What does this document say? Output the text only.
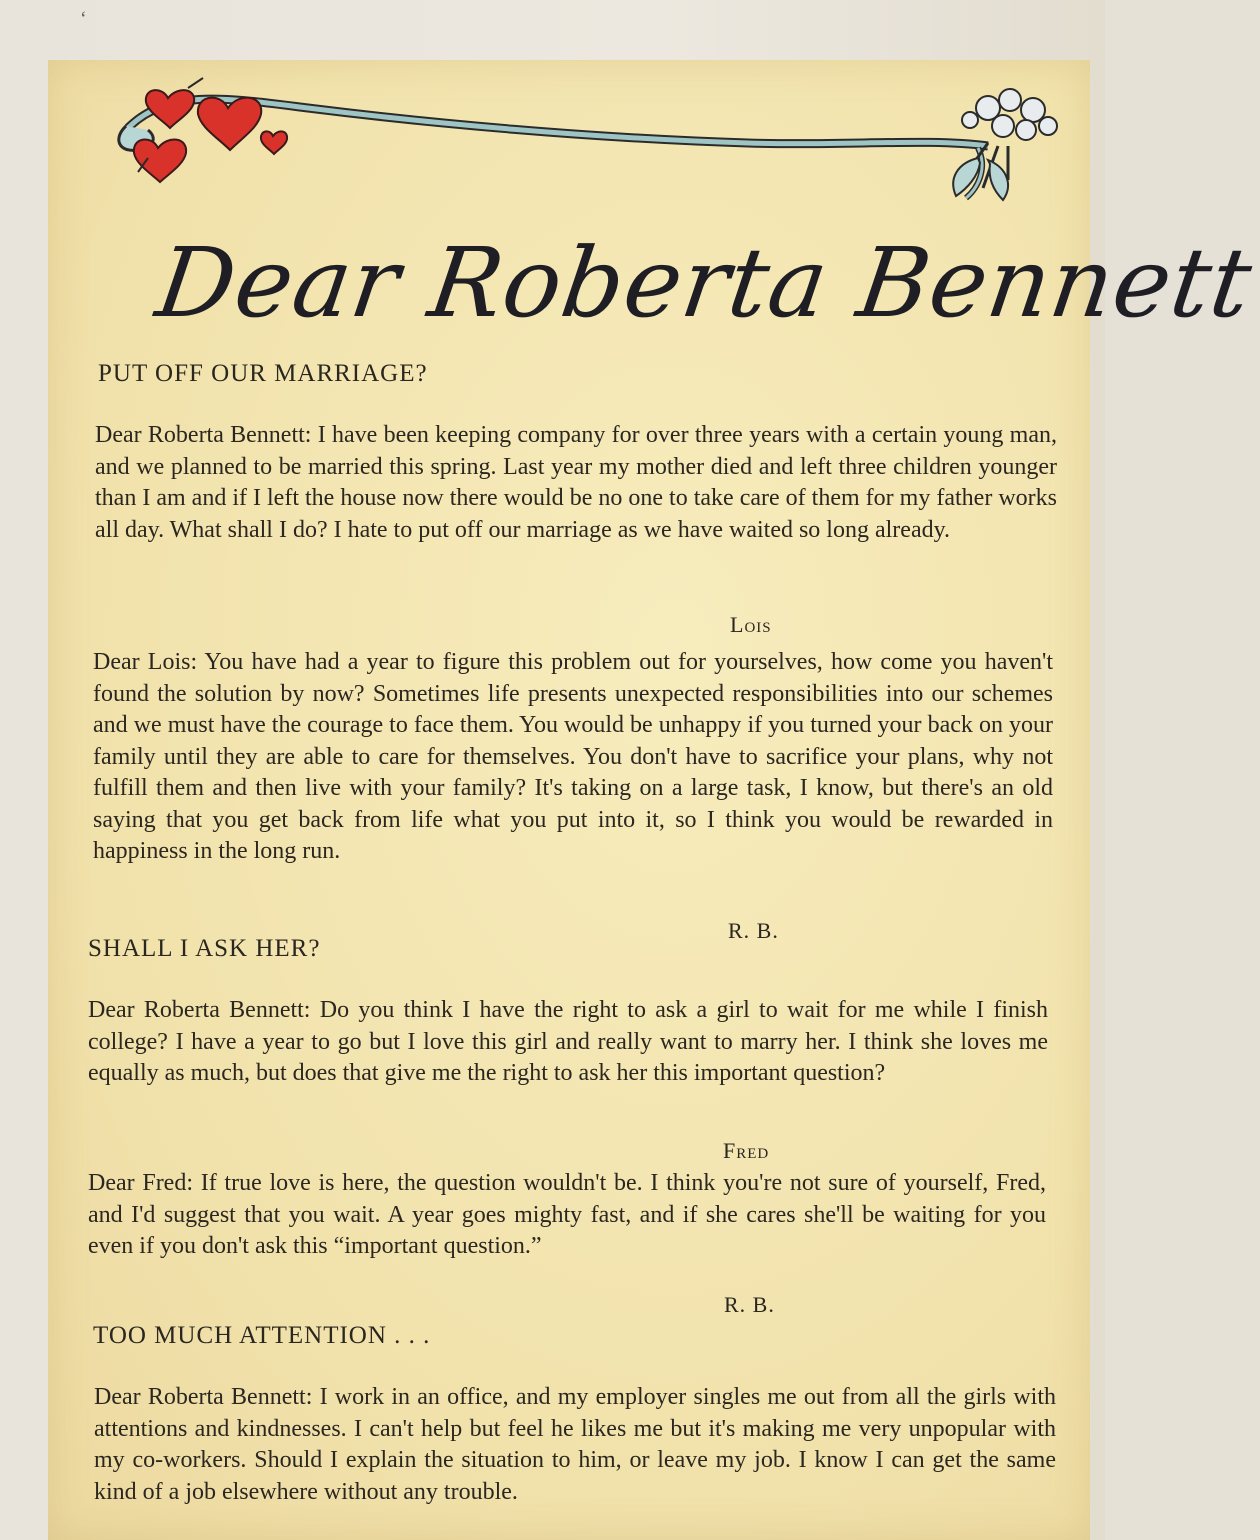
‘
Dear Roberta Bennett
PUT OFF OUR MARRIAGE?
Dear Roberta Bennett: I have been keeping company for over three years with a certain young man, and we planned to be married this spring. Last year my mother died and left three children younger than I am and if I left the house now there would be no one to take care of them for my father works all day. What shall I do? I hate to put off our marriage as we have waited so long already.
Lois
Dear Lois: You have had a year to figure this problem out for yourselves, how come you haven't found the solution by now? Sometimes life presents unexpected responsibilities into our schemes and we must have the courage to face them. You would be unhappy if you turned your back on your family until they are able to care for themselves. You don't have to sacrifice your plans, why not fulfill them and then live with your family? It's taking on a large task, I know, but there's an old saying that you get back from life what you put into it, so I think you would be rewarded in happiness in the long run.
R. B.
SHALL I ASK HER?
Dear Roberta Bennett: Do you think I have the right to ask a girl to wait for me while I finish college? I have a year to go but I love this girl and really want to marry her. I think she loves me equally as much, but does that give me the right to ask her this important question?
Fred
Dear Fred: If true love is here, the question wouldn't be. I think you're not sure of yourself, Fred, and I'd suggest that you wait. A year goes mighty fast, and if she cares she'll be waiting for you even if you don't ask this “important question.”
R. B.
TOO MUCH ATTENTION . . .
Dear Roberta Bennett: I work in an office, and my employer singles me out from all the girls with attentions and kindnesses. I can't help but feel he likes me but it's making me very unpopular with my co-workers. Should I explain the situation to him, or leave my job. I know I can get the same kind of a job elsewhere without any trouble.
